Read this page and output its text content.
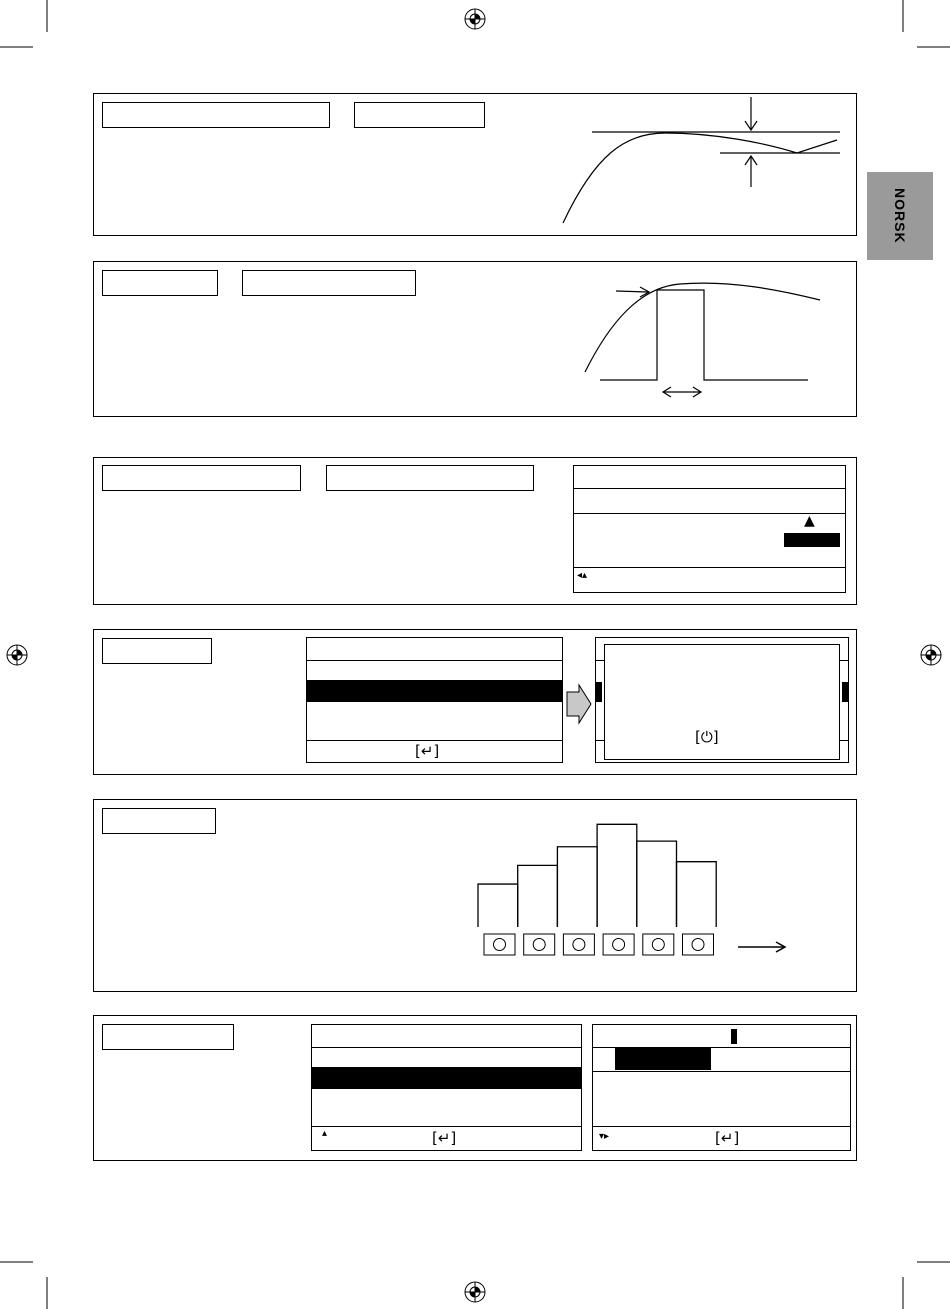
NORSK
▲
◂▴
[↵]
[⏻]
▴	[↵]	▾▸	[↵]
